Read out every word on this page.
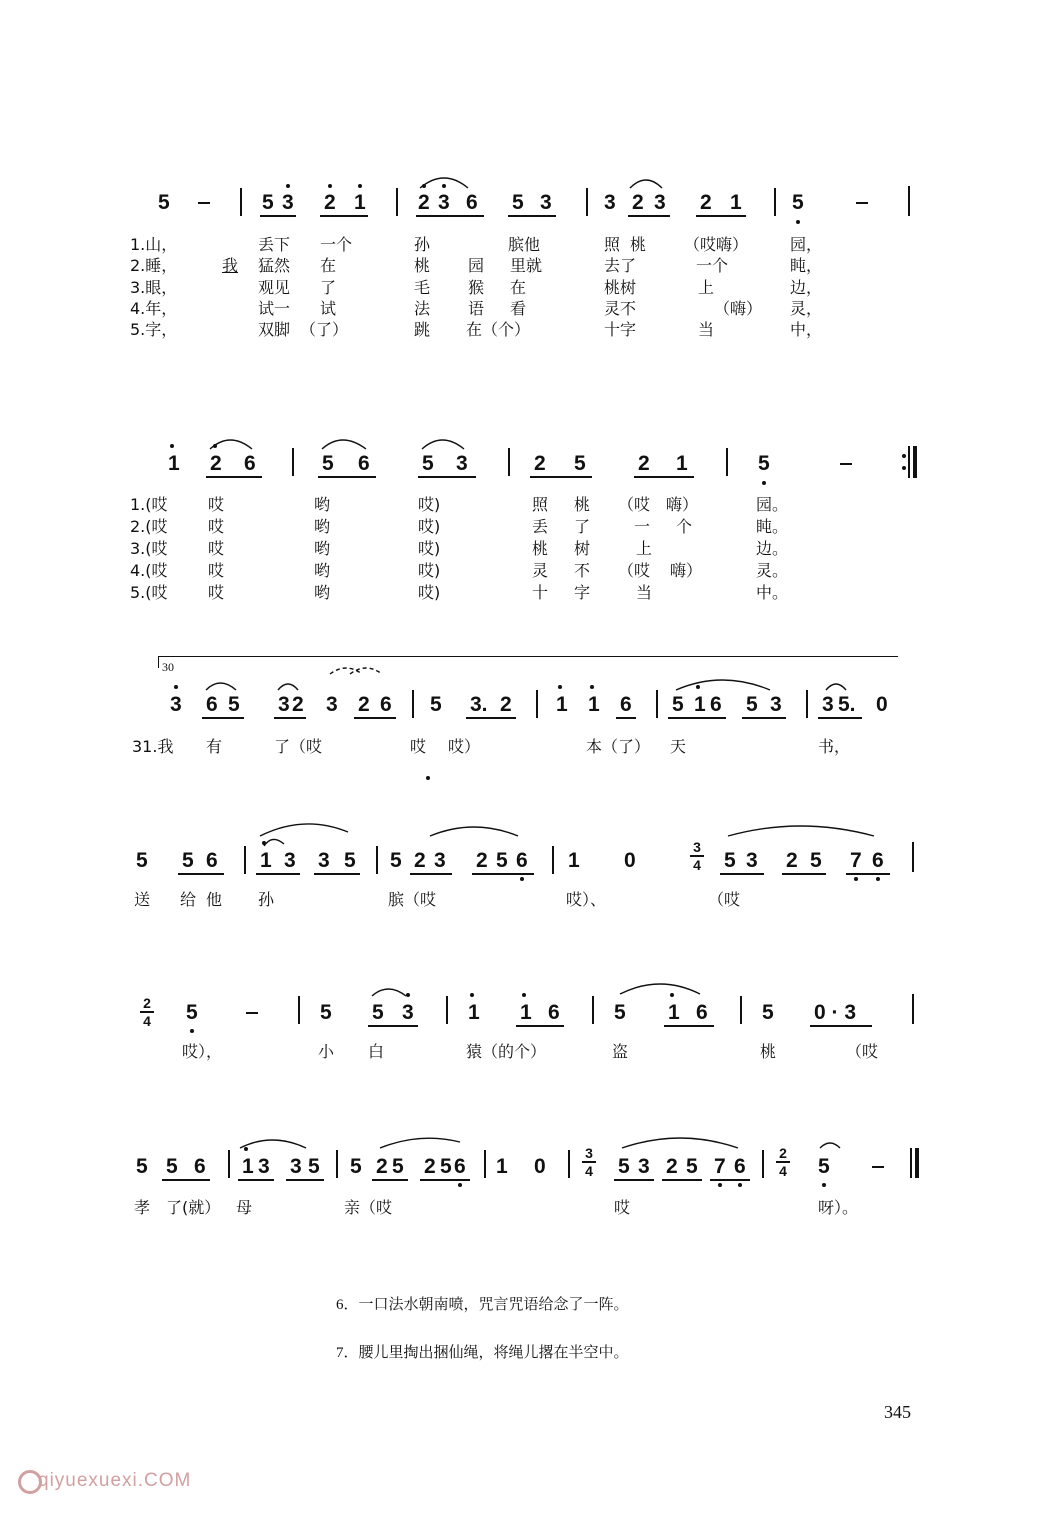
5	5 3 2 1 2 3 6 5 3 3 2 3 2 1 5
1.山，	丢下 一个	孙	膑他	照 桃 （哎嗨）	园，
2.睡，	我 猛然 在	桃 园 里就	去了	一个	盹，
3.眼，	观见 了	毛 猴 在	桃树	上	边，
4.年，	试一 试	法 语 看	灵不	（嗨） 灵，
5.字，	双脚 （了）	跳 在（个）	十字	当	中，
1 2 6	5 6 5 3	2 5 2 1	5
1.(哎	哎	哟	哎)	照 桃 （哎 嗨）	园。
2.(哎	哎	哟	哎)	丢 了	一 个	盹。
3.(哎	哎	哟	哎)	桃 树	上	边。
4.(哎	哎	哟	哎)	灵 不 （哎 嗨）	灵。
5.(哎	哎	哟	哎)	十 字	当	中。
30
3 6 5 3 2 3 2 6 5 3. 2 1 1 6 5 1 6 5 3 3 5. 0
31.我 有	了（哎	哎 哎）	本（了） 天	书，
5 5 6 1 3 3 5 5 2 3 2 5 6 1 0
3
4 5 3 2 5 7 6
送 给 他 孙	膑（哎	哎）、	（哎
2
4 5	5 5 3	1 1 6	5 1 6	5 0 · 3
哎），	小 白	猿（的个）	盗	桃	（哎
5 5 6 1 3 3 5 5 2 5 2 5 6 1 0
3
4 5 3 2 5 7 6
2
4 5
孝 了(就） 母	亲（哎	哎	呀）。
6．一口法水朝南喷，咒言咒语给念了一阵。
7．腰儿里掏出捆仙绳，将绳儿撂在半空中。
345
qiyuexuexi.COM
